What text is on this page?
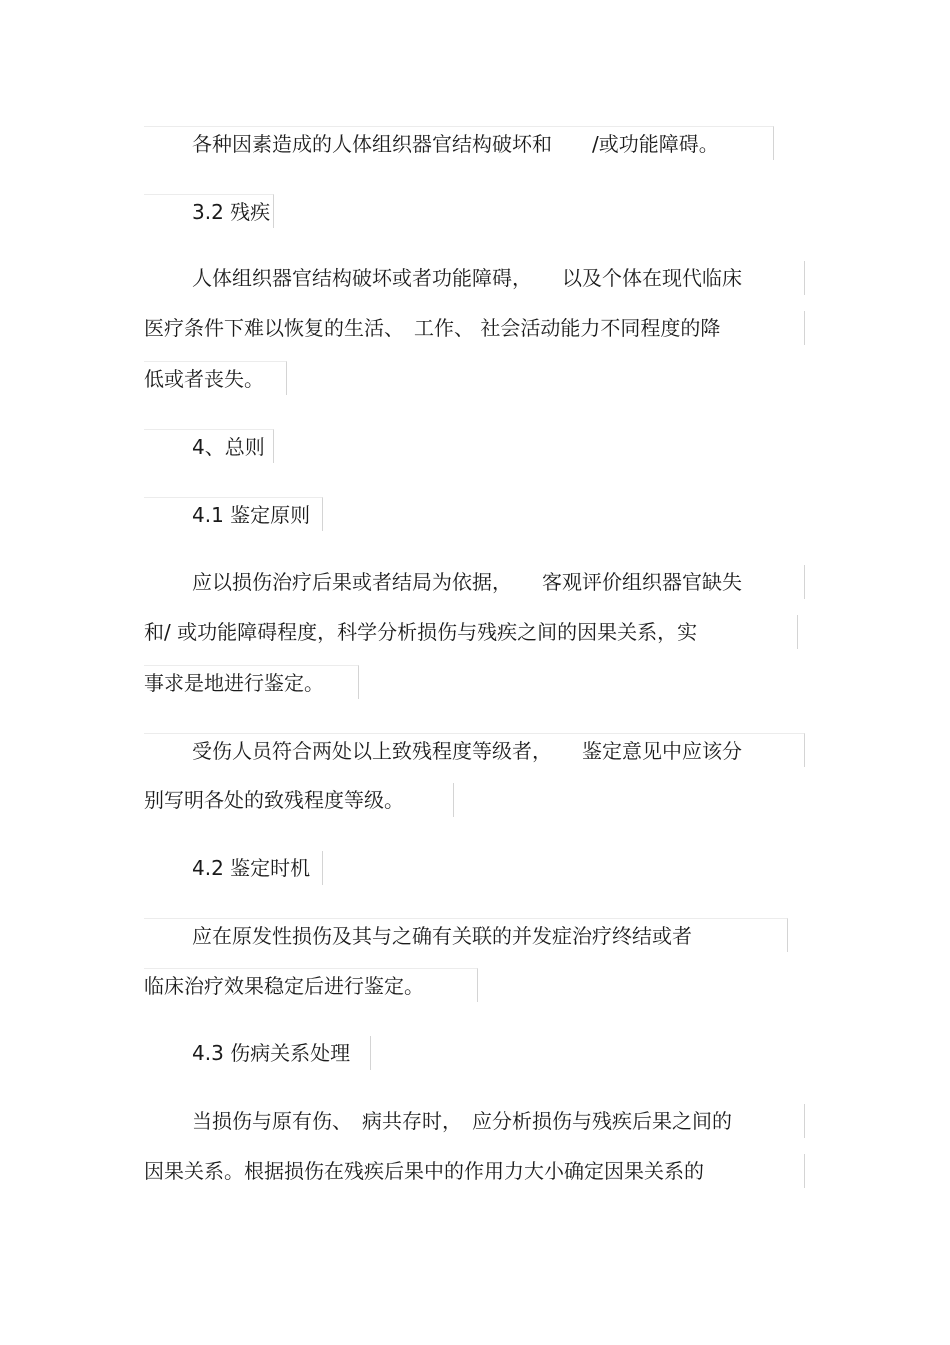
各种因素造成的人体组织器官结构破坏和　　/或功能障碍。
3.2 残疾
人体组织器官结构破坏或者功能障碍，　　以及个体在现代临床
医疗条件下难以恢复的生活、　工作、 社会活动能力不同程度的降
低或者丧失。
4、总则
4.1 鉴定原则
应以损伤治疗后果或者结局为依据，　　客观评价组织器官缺失
和/ 或功能障碍程度，科学分析损伤与残疾之间的因果关系，实
事求是地进行鉴定。
受伤人员符合两处以上致残程度等级者，　　鉴定意见中应该分
别写明各处的致残程度等级。
4.2 鉴定时机
应在原发性损伤及其与之确有关联的并发症治疗终结或者
临床治疗效果稳定后进行鉴定。
4.3 伤病关系处理
当损伤与原有伤、　病共存时，　应分析损伤与残疾后果之间的
因果关系。根据损伤在残疾后果中的作用力大小确定因果关系的
